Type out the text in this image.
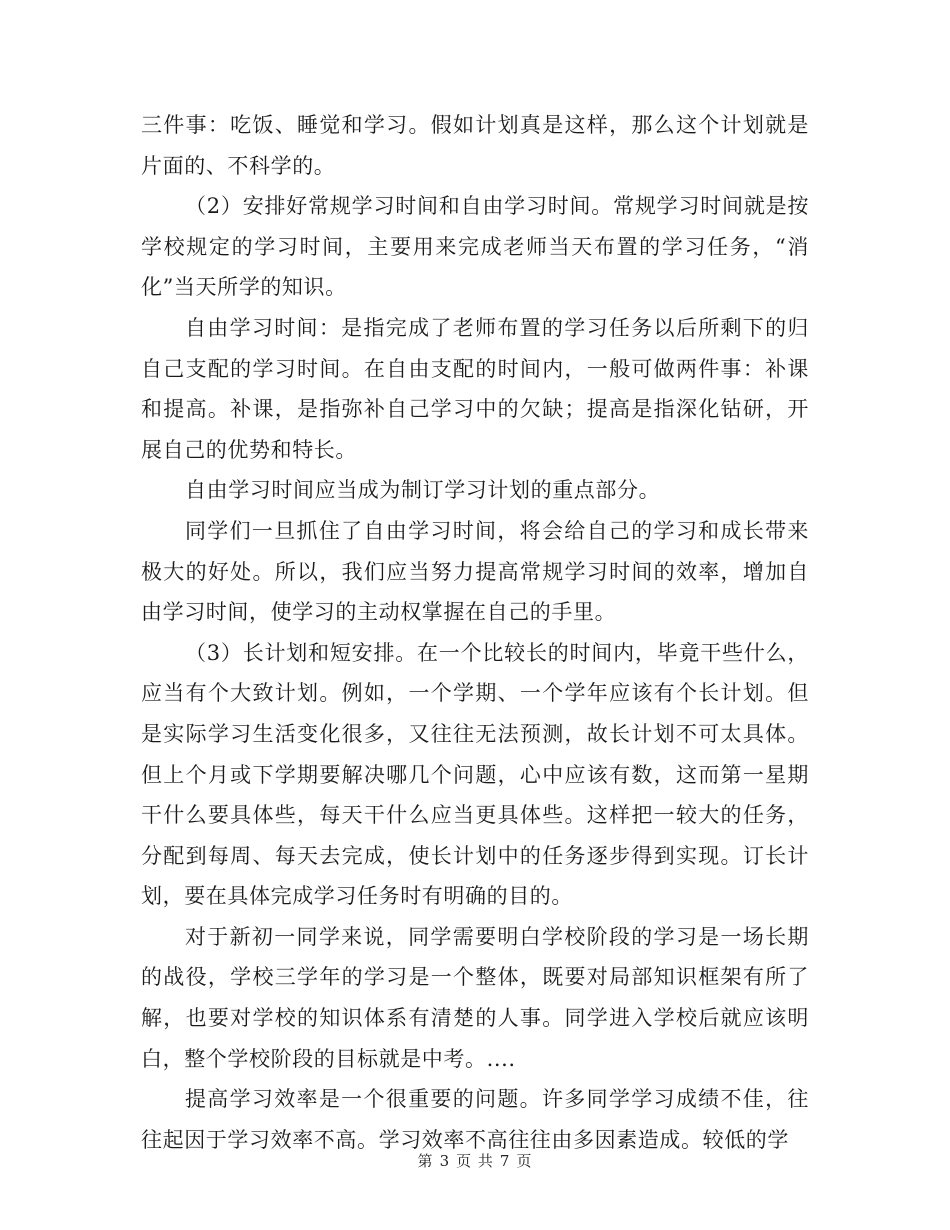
三件事：吃饭、睡觉和学习。假如计划真是这样，那么这个计划就是片面的、不科学的。

（2）安排好常规学习时间和自由学习时间。常规学习时间就是按学校规定的学习时间，主要用来完成老师当天布置的学习任务，“消化”当天所学的知识。

自由学习时间：是指完成了老师布置的学习任务以后所剩下的归自己支配的学习时间。在自由支配的时间内，一般可做两件事：补课和提高。补课，是指弥补自己学习中的欠缺；提高是指深化钻研，开展自己的优势和特长。

自由学习时间应当成为制订学习计划的重点部分。

同学们一旦抓住了自由学习时间，将会给自己的学习和成长带来极大的好处。所以，我们应当努力提高常规学习时间的效率，增加自由学习时间，使学习的主动权掌握在自己的手里。

（3）长计划和短安排。在一个比较长的时间内，毕竟干些什么，应当有个大致计划。例如，一个学期、一个学年应该有个长计划。但是实际学习生活变化很多，又往往无法预测，故长计划不可太具体。但上个月或下学期要解决哪几个问题，心中应该有数，这而第一星期干什么要具体些，每天干什么应当更具体些。这样把一较大的任务，分配到每周、每天去完成，使长计划中的任务逐步得到实现。订长计划，要在具体完成学习任务时有明确的目的。

对于新初一同学来说，同学需要明白学校阶段的学习是一场长期的战役，学校三学年的学习是一个整体，既要对局部知识框架有所了解，也要对学校的知识体系有清楚的人事。同学进入学校后就应该明白，整个学校阶段的目标就是中考。....

提高学习效率是一个很重要的问题。许多同学学习成绩不佳，往往起因于学习效率不高。学习效率不高往往由多因素造成。较低的学

第 3 页 共 7 页
